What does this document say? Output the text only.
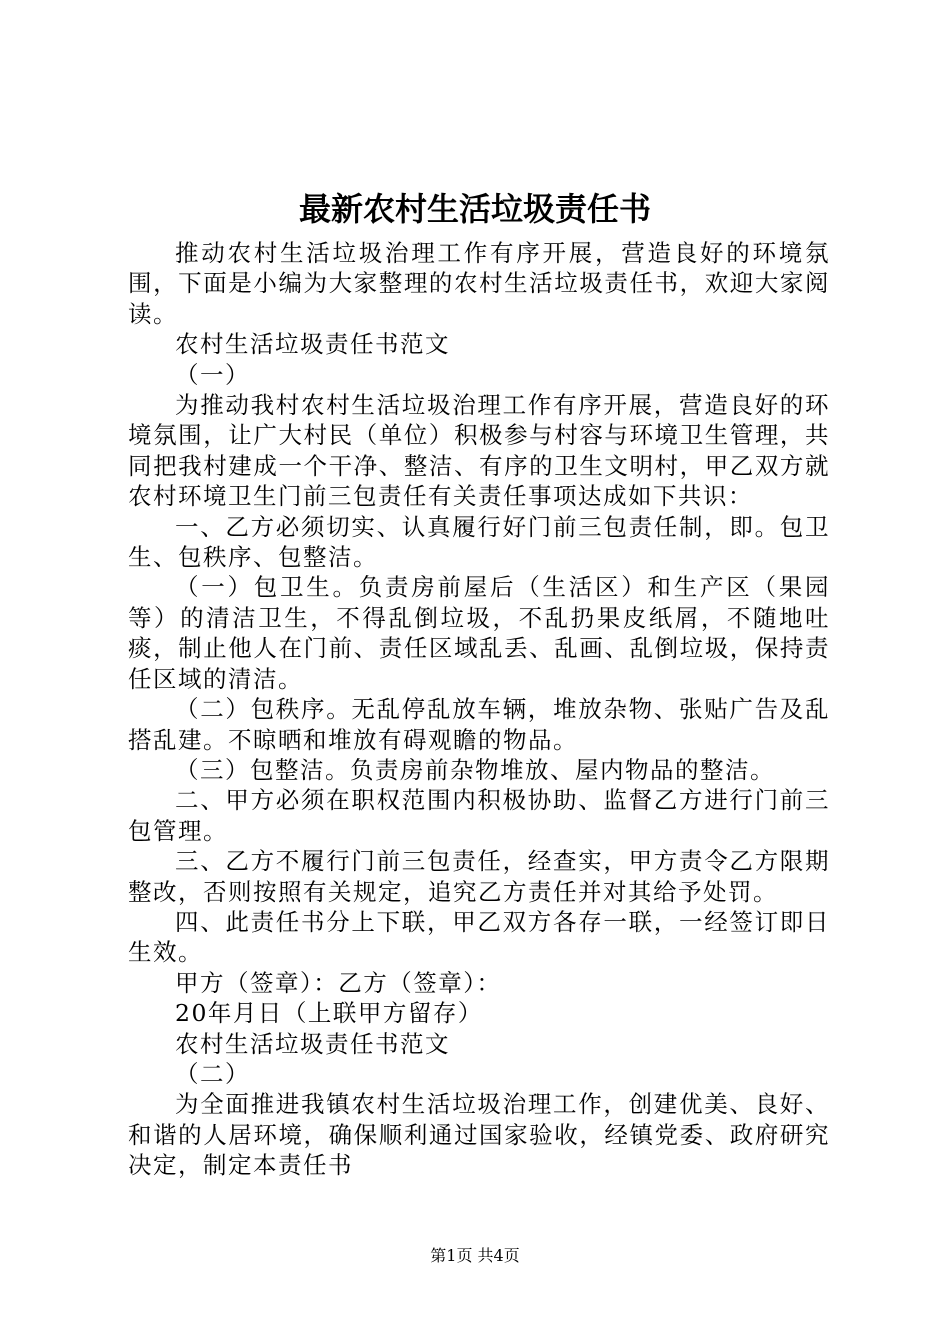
最新农村生活垃圾责任书

推动农村生活垃圾治理工作有序开展，营造良好的环境氛围，下面是小编为大家整理的农村生活垃圾责任书，欢迎大家阅读。

农村生活垃圾责任书范文

（一）

为推动我村农村生活垃圾治理工作有序开展，营造良好的环境氛围，让广大村民（单位）积极参与村容与环境卫生管理，共同把我村建成一个干净、整洁、有序的卫生文明村，甲乙双方就农村环境卫生门前三包责任有关责任事项达成如下共识：

一、乙方必须切实、认真履行好门前三包责任制，即。包卫生、包秩序、包整洁。

（一）包卫生。负责房前屋后（生活区）和生产区（果园等）的清洁卫生，不得乱倒垃圾，不乱扔果皮纸屑，不随地吐痰，制止他人在门前、责任区域乱丢、乱画、乱倒垃圾，保持责任区域的清洁。

（二）包秩序。无乱停乱放车辆，堆放杂物、张贴广告及乱搭乱建。不晾晒和堆放有碍观瞻的物品。

（三）包整洁。负责房前杂物堆放、屋内物品的整洁。

二、甲方必须在职权范围内积极协助、监督乙方进行门前三包管理。

三、乙方不履行门前三包责任，经查实，甲方责令乙方限期整改，否则按照有关规定，追究乙方责任并对其给予处罚。

四、此责任书分上下联，甲乙双方各存一联，一经签订即日生效。

甲方（签章）：乙方（签章）：

20年月日（上联甲方留存）

农村生活垃圾责任书范文

（二）

为全面推进我镇农村生活垃圾治理工作，创建优美、良好、和谐的人居环境，确保顺利通过国家验收，经镇党委、政府研究决定，制定本责任书

第1页 共4页
